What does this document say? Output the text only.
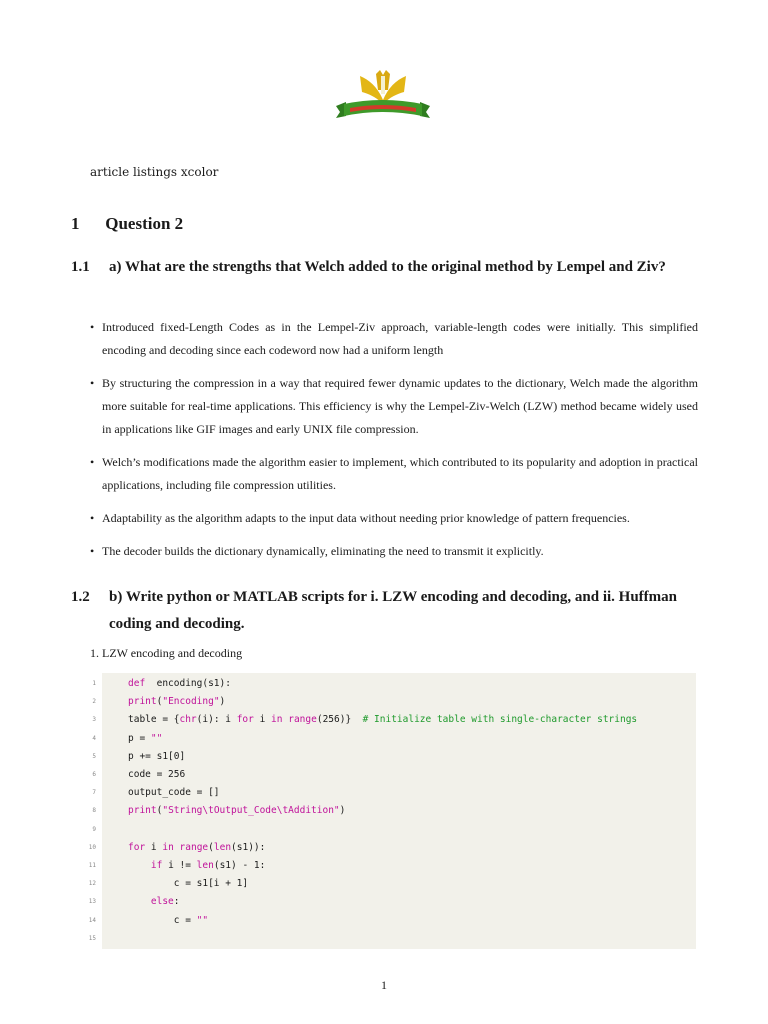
article listings xcolor
1 Question 2
1.1 a) What are the strengths that Welch added to the original method by Lempel and Ziv?
• Introduced fixed-Length Codes as in the Lempel-Ziv approach, variable-length codes were initially. This simplified encoding and decoding since each codeword now had a uniform length
• By structuring the compression in a way that required fewer dynamic updates to the dictionary, Welch made the algorithm more suitable for real-time applications. This efficiency is why the Lempel-Ziv-Welch (LZW) method became widely used in applications like GIF images and early UNIX file compression.
• Welch’s modifications made the algorithm easier to implement, which contributed to its popularity and adoption in practical applications, including file compression utilities.
• Adaptability as the algorithm adapts to the input data without needing prior knowledge of pattern frequencies.
• The decoder builds the dictionary dynamically, eliminating the need to transmit it explicitly.
1.2 b) Write python or MATLAB scripts for i. LZW encoding and decoding, and ii. Huffman coding and decoding.
1. LZW encoding and decoding
1	def  encoding(s1):
2	print("Encoding")
3	table = {chr(i): i for i in range(256)}  # Initialize table with single-character strings
4	p = ""
5	p += s1[0]
6	code = 256
7	output_code = []
8	print("String\tOutput_Code\tAddition")
9
10	for i in range(len(s1)):
11	if i != len(s1) - 1:
12	c = s1[i + 1]
13	else:
14	c = ""
15
1
